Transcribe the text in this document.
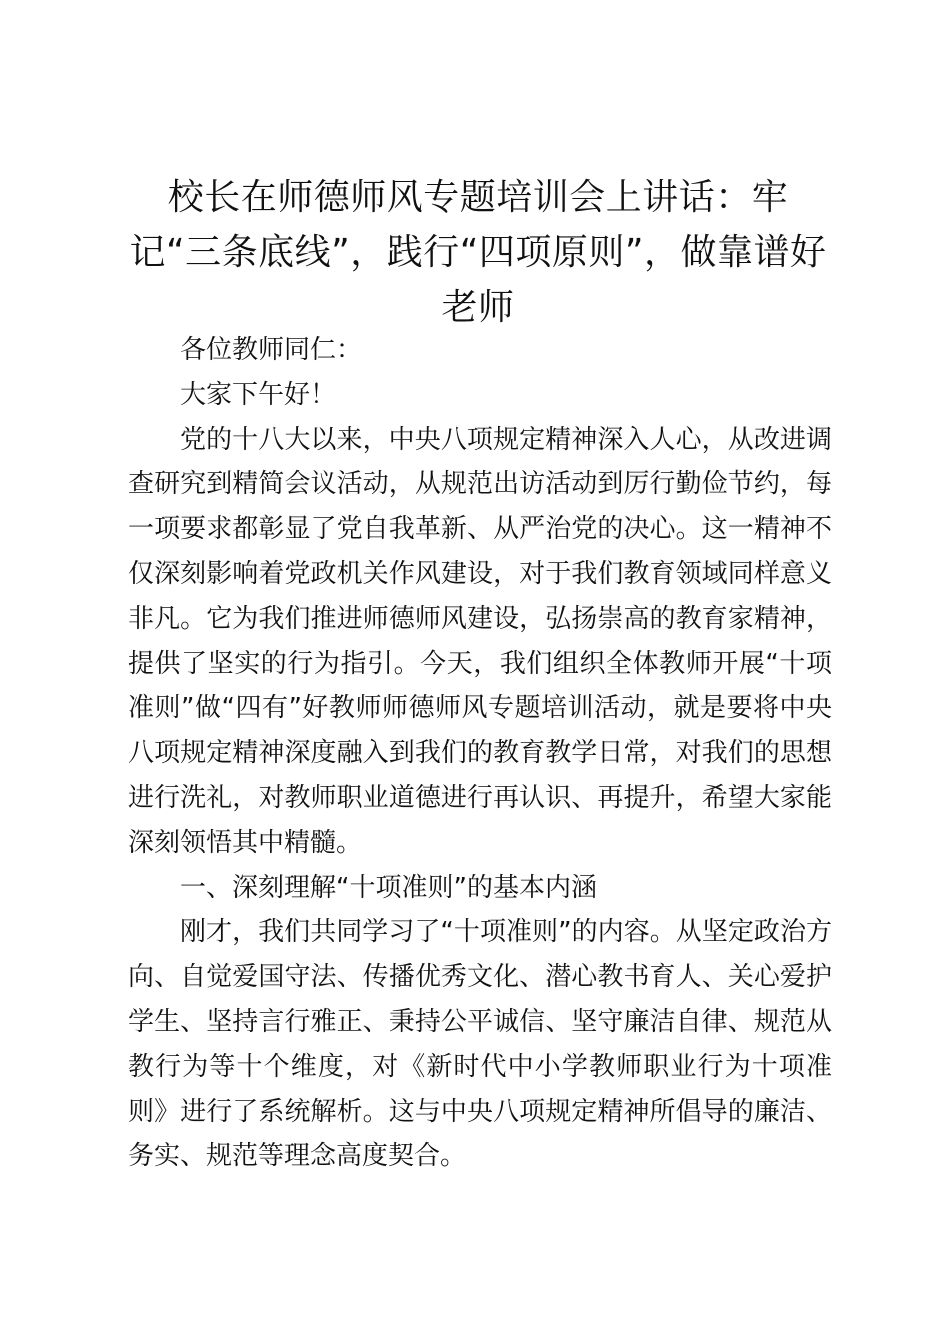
校长在师德师风专题培训会上讲话：牢记“三条底线”，践行“四项原则”，做靠谱好老师

各位教师同仁：

大家下午好！

党的十八大以来，中央八项规定精神深入人心，从改进调查研究到精简会议活动，从规范出访活动到厉行勤俭节约，每一项要求都彰显了党自我革新、从严治党的决心。这一精神不仅深刻影响着党政机关作风建设，对于我们教育领域同样意义非凡。它为我们推进师德师风建设，弘扬崇高的教育家精神，提供了坚实的行为指引。今天，我们组织全体教师开展“十项准则”做“四有”好教师师德师风专题培训活动，就是要将中央八项规定精神深度融入到我们的教育教学日常，对我们的思想进行洗礼，对教师职业道德进行再认识、再提升，希望大家能深刻领悟其中精髓。

一、深刻理解“十项准则”的基本内涵

刚才，我们共同学习了“十项准则”的内容。从坚定政治方向、自觉爱国守法、传播优秀文化、潜心教书育人、关心爱护学生、坚持言行雅正、秉持公平诚信、坚守廉洁自律、规范从教行为等十个维度，对《新时代中小学教师职业行为十项准则》进行了系统解析。这与中央八项规定精神所倡导的廉洁、务实、规范等理念高度契合。
